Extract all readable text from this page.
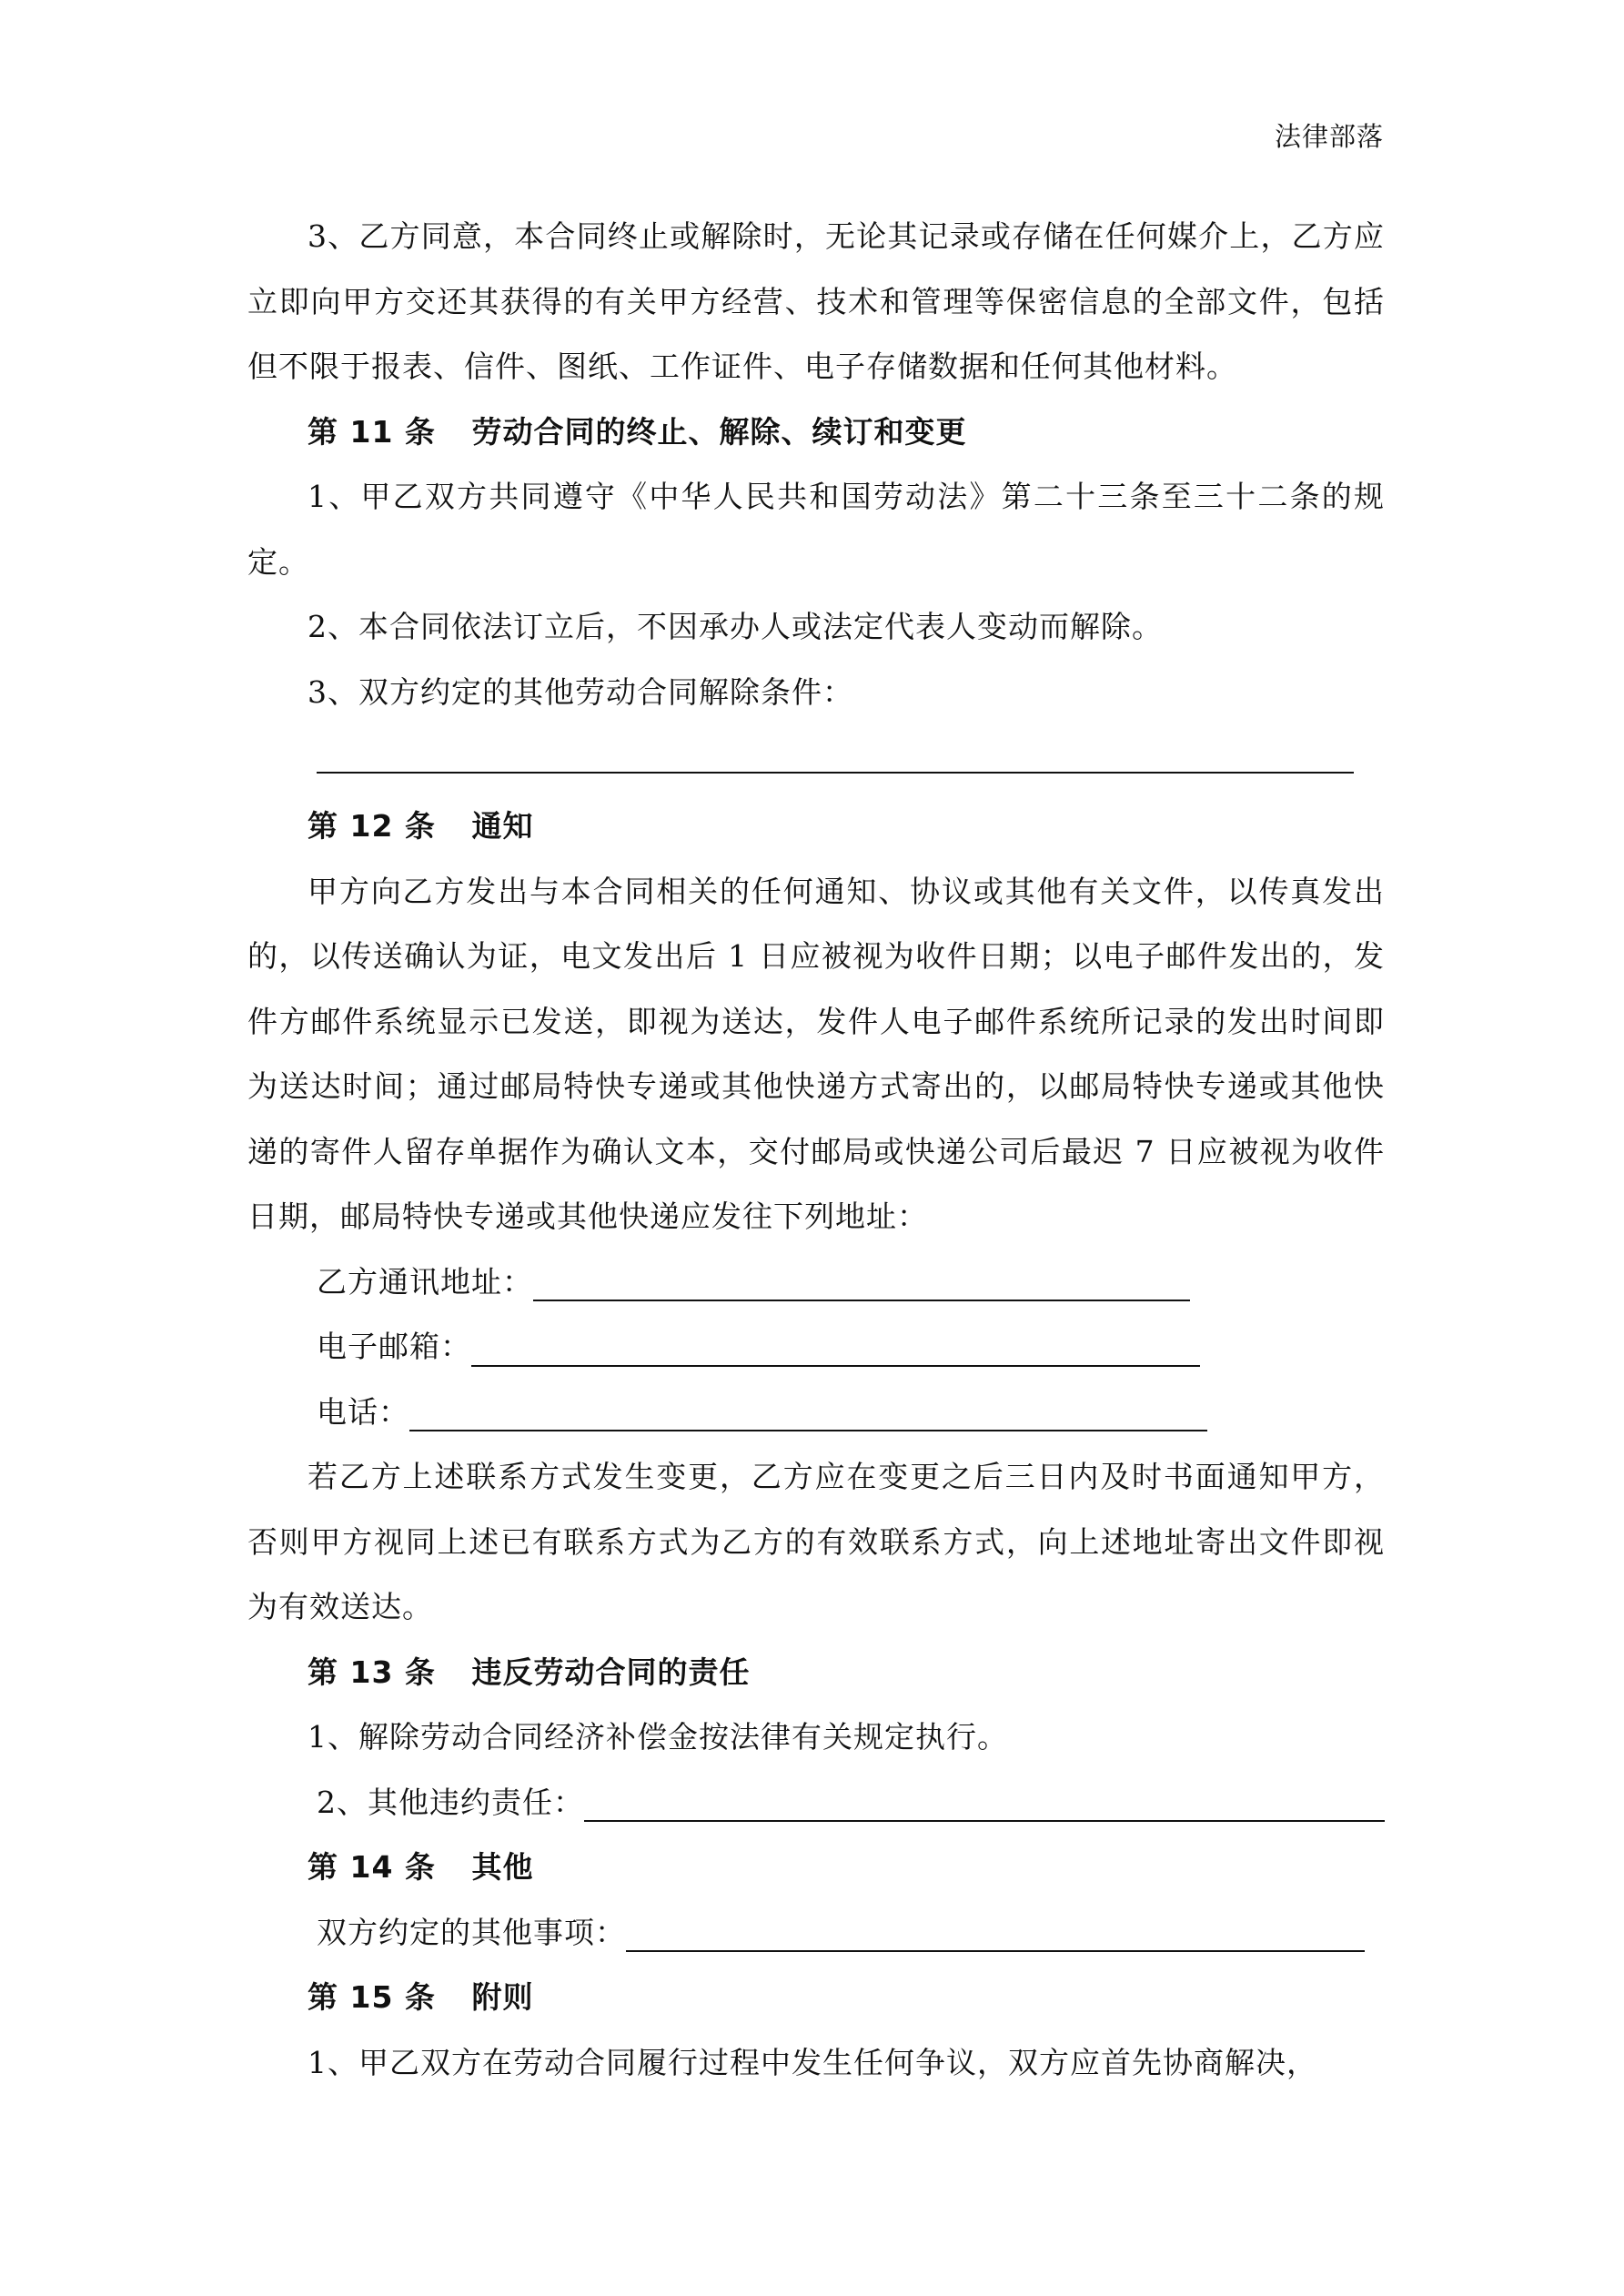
法律部落

3、乙方同意，本合同终止或解除时，无论其记录或存储在任何媒介上，乙方应立即向甲方交还其获得的有关甲方经营、技术和管理等保密信息的全部文件，包括但不限于报表、信件、图纸、工作证件、电子存储数据和任何其他材料。

第 11 条 劳动合同的终止、解除、续订和变更

1、甲乙双方共同遵守《中华人民共和国劳动法》第二十三条至三十二条的规定。

2、本合同依法订立后，不因承办人或法定代表人变动而解除。

3、双方约定的其他劳动合同解除条件：

第 12 条 通知

甲方向乙方发出与本合同相关的任何通知、协议或其他有关文件，以传真发出的，以传送确认为证，电文发出后 1 日应被视为收件日期；以电子邮件发出的，发件方邮件系统显示已发送，即视为送达，发件人电子邮件系统所记录的发出时间即为送达时间；通过邮局特快专递或其他快递方式寄出的，以邮局特快专递或其他快递的寄件人留存单据作为确认文本，交付邮局或快递公司后最迟 7 日应被视为收件日期，邮局特快专递或其他快递应发往下列地址：

乙方通讯地址：
电子邮箱：
电话：

若乙方上述联系方式发生变更，乙方应在变更之后三日内及时书面通知甲方，否则甲方视同上述已有联系方式为乙方的有效联系方式，向上述地址寄出文件即视为有效送达。

第 13 条 违反劳动合同的责任

1、解除劳动合同经济补偿金按法律有关规定执行。

2、其他违约责任：
第 14 条 其他
双方约定的其他事项：
第 15 条 附则

1、甲乙双方在劳动合同履行过程中发生任何争议，双方应首先协商解决，
